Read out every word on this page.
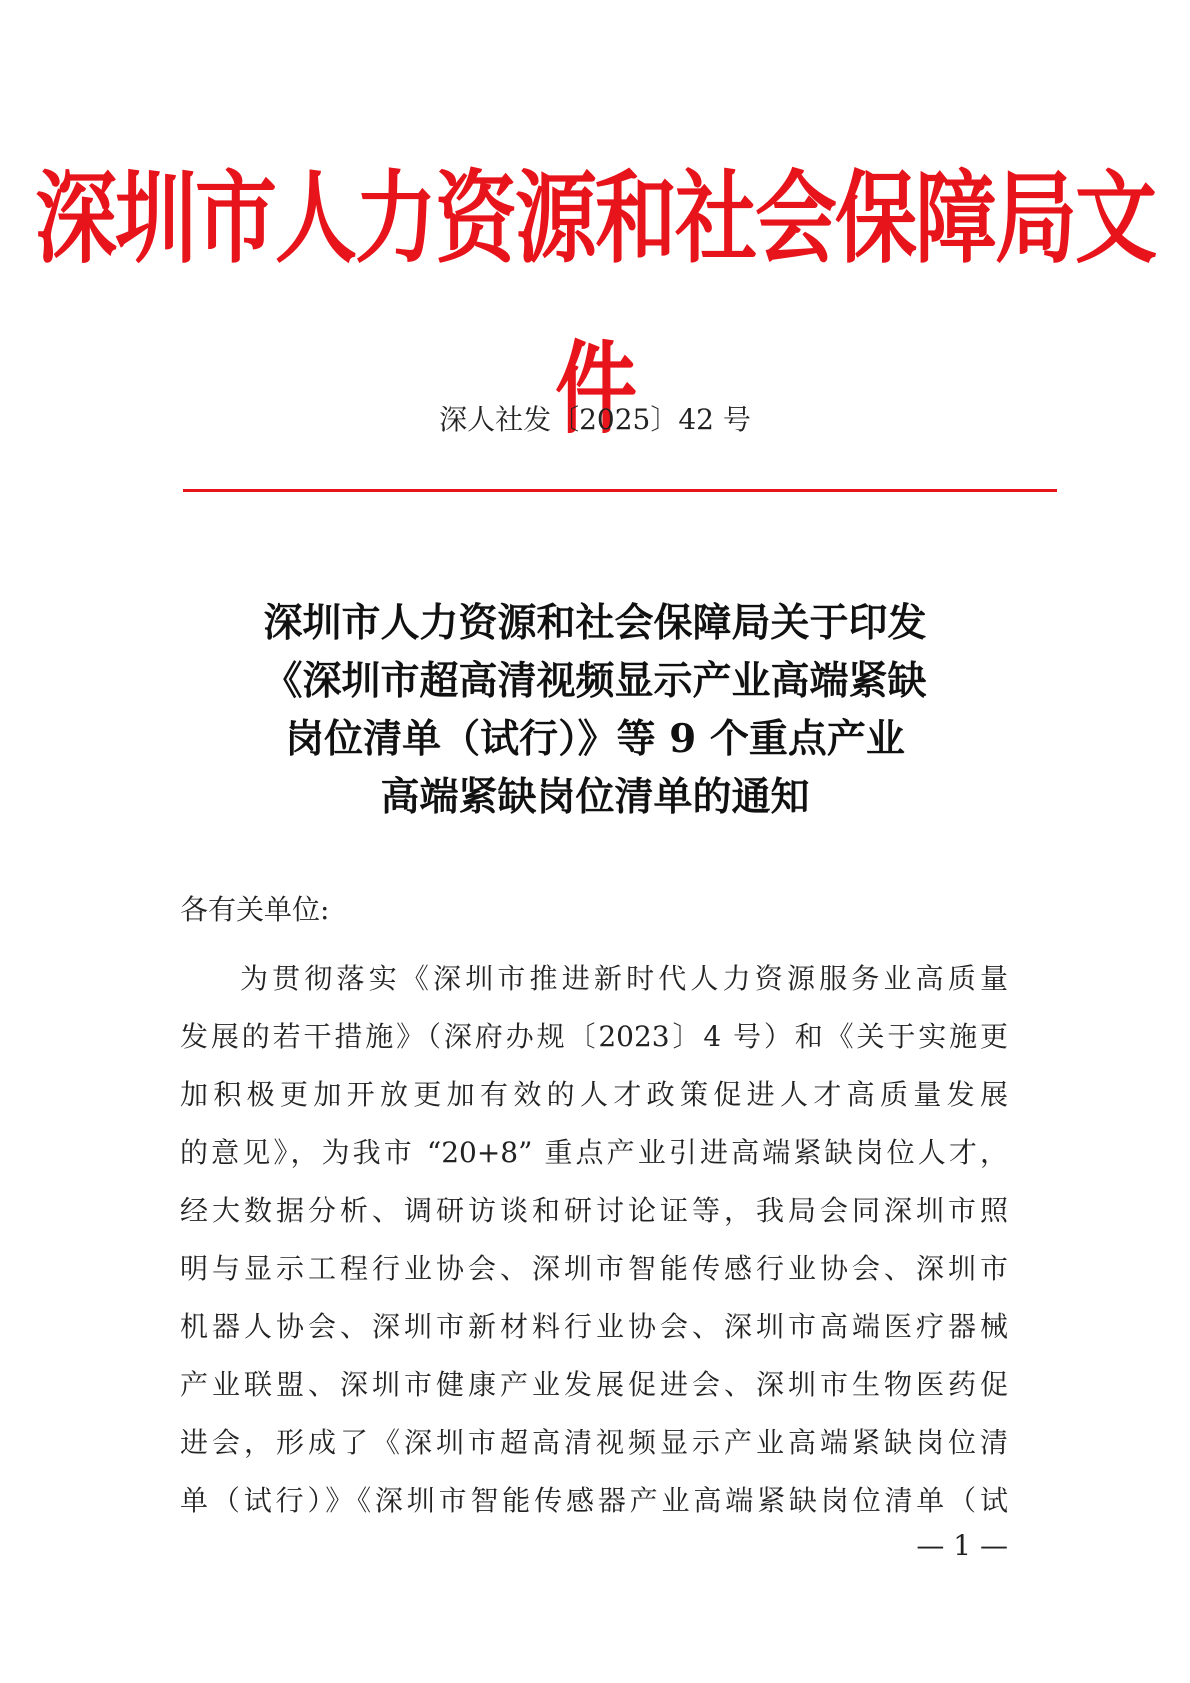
深圳市人力资源和社会保障局文件
深人社发〔2025〕42 号
深圳市人力资源和社会保障局关于印发
《深圳市超高清视频显示产业高端紧缺
岗位清单（试行）》等 9 个重点产业
高端紧缺岗位清单的通知
各有关单位:
为贯彻落实《深圳市推进新时代人力资源服务业高质量
发展的若干措施》（深府办规〔2023〕4 号）和《关于实施更
加积极更加开放更加有效的人才政策促进人才高质量发展
的意见》，为我市 “20+8” 重点产业引进高端紧缺岗位人才，
经大数据分析、调研访谈和研讨论证等，我局会同深圳市照
明与显示工程行业协会、深圳市智能传感行业协会、深圳市
机器人协会、深圳市新材料行业协会、深圳市高端医疗器械
产业联盟、深圳市健康产业发展促进会、深圳市生物医药促
进会，形成了《深圳市超高清视频显示产业高端紧缺岗位清
单（试行）》《深圳市智能传感器产业高端紧缺岗位清单（试
— 1 —
